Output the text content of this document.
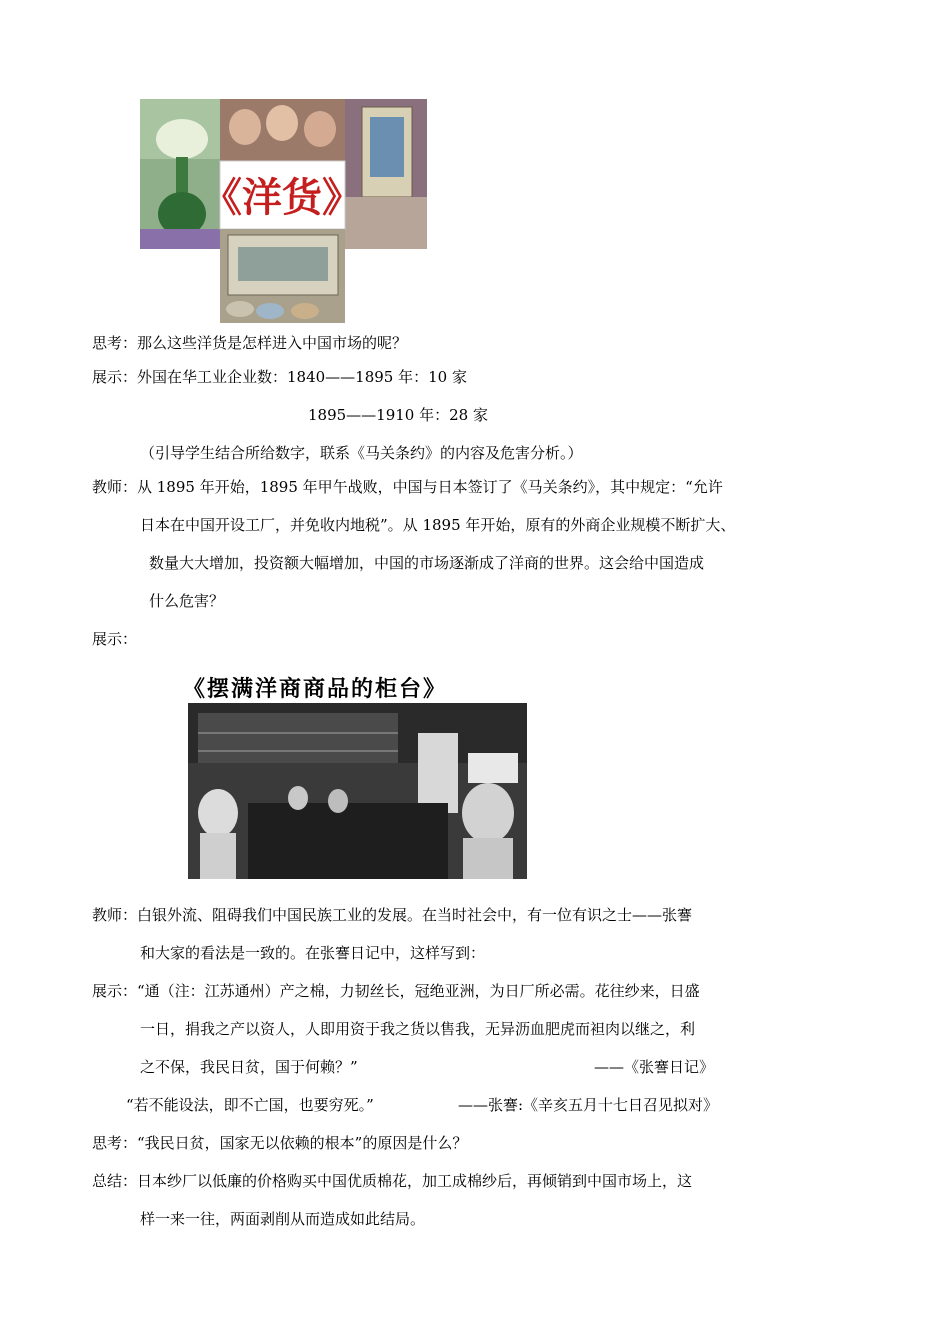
《洋货》
思考：那么这些洋货是怎样进入中国市场的呢？
展示：外国在华工业企业数：1840——1895 年：10 家
1895——1910 年：28 家
（引导学生结合所给数字，联系《马关条约》的内容及危害分析。）
教师：从 1895 年开始，1895 年甲午战败，中国与日本签订了《马关条约》，其中规定：“允许
日本在中国开设工厂，并免收内地税”。从 1895 年开始，原有的外商企业规模不断扩大、
数量大大增加，投资额大幅增加，中国的市场逐渐成了洋商的世界。这会给中国造成
什么危害？
展示：
《摆满洋商商品的柜台》
教师：白银外流、阻碍我们中国民族工业的发展。在当时社会中，有一位有识之士——张謇
和大家的看法是一致的。在张謇日记中，这样写到：
展示：“通（注：江苏通州）产之棉，力韧丝长，冠绝亚洲，为日厂所必需。花往纱来，日盛
一日，捐我之产以资人，人即用资于我之货以售我，无异沥血肥虎而袒肉以继之，利
之不保，我民日贫，国于何赖？”	——《张謇日记》
“若不能设法，即不亡国，也要穷死。”	——张謇:《辛亥五月十七日召见拟对》
思考：“我民日贫，国家无以依赖的根本”的原因是什么？
总结：日本纱厂以低廉的价格购买中国优质棉花，加工成棉纱后，再倾销到中国市场上，这
样一来一往，两面剥削从而造成如此结局。
